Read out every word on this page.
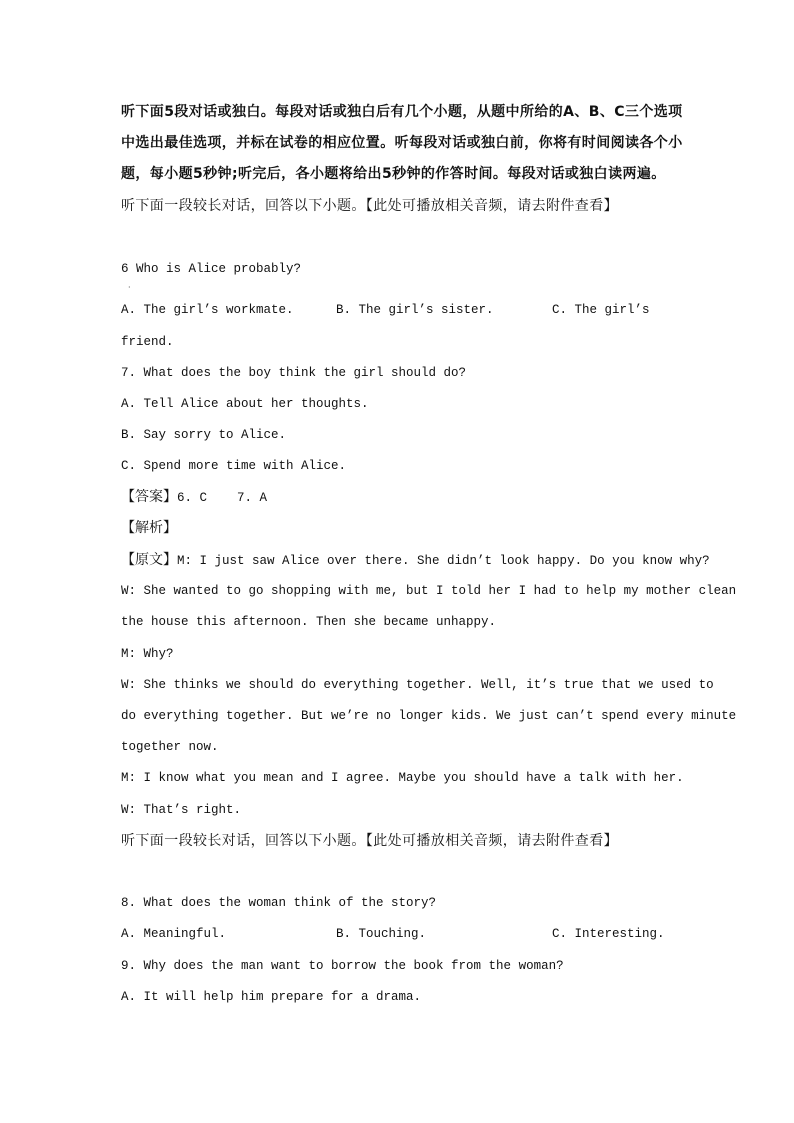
听下面5段对话或独白。每段对话或独白后有几个小题，从题中所给的A、B、C三个选项
中选出最佳选项，并标在试卷的相应位置。听每段对话或独白前，你将有时间阅读各个小
题，每小题5秒钟;听完后，各小题将给出5秒钟的作答时间。每段对话或独白读两遍。
听下面一段较长对话，回答以下小题。【此处可播放相关音频，请去附件查看】
6 Who is Alice probably?
·
A. The girl’s workmate.	B. The girl’s sister.	C. The girl’s
friend.
7. What does the boy think the girl should do?
A. Tell Alice about her thoughts.
B. Say sorry to Alice.
C. Spend more time with Alice.
【答案】6. C    7. A
【解析】
【原文】M: I just saw Alice over there. She didn’t look happy. Do you know why?
W: She wanted to go shopping with me, but I told her I had to help my mother clean
the house this afternoon. Then she became unhappy.
M: Why?
W: She thinks we should do everything together. Well, it’s true that we used to
do everything together. But we’re no longer kids. We just can’t spend every minute
together now.
M: I know what you mean and I agree. Maybe you should have a talk with her.
W: That’s right.
听下面一段较长对话，回答以下小题。【此处可播放相关音频，请去附件查看】
8. What does the woman think of the story?
A. Meaningful.	B. Touching.	C. Interesting.
9. Why does the man want to borrow the book from the woman?
A. It will help him prepare for a drama.
